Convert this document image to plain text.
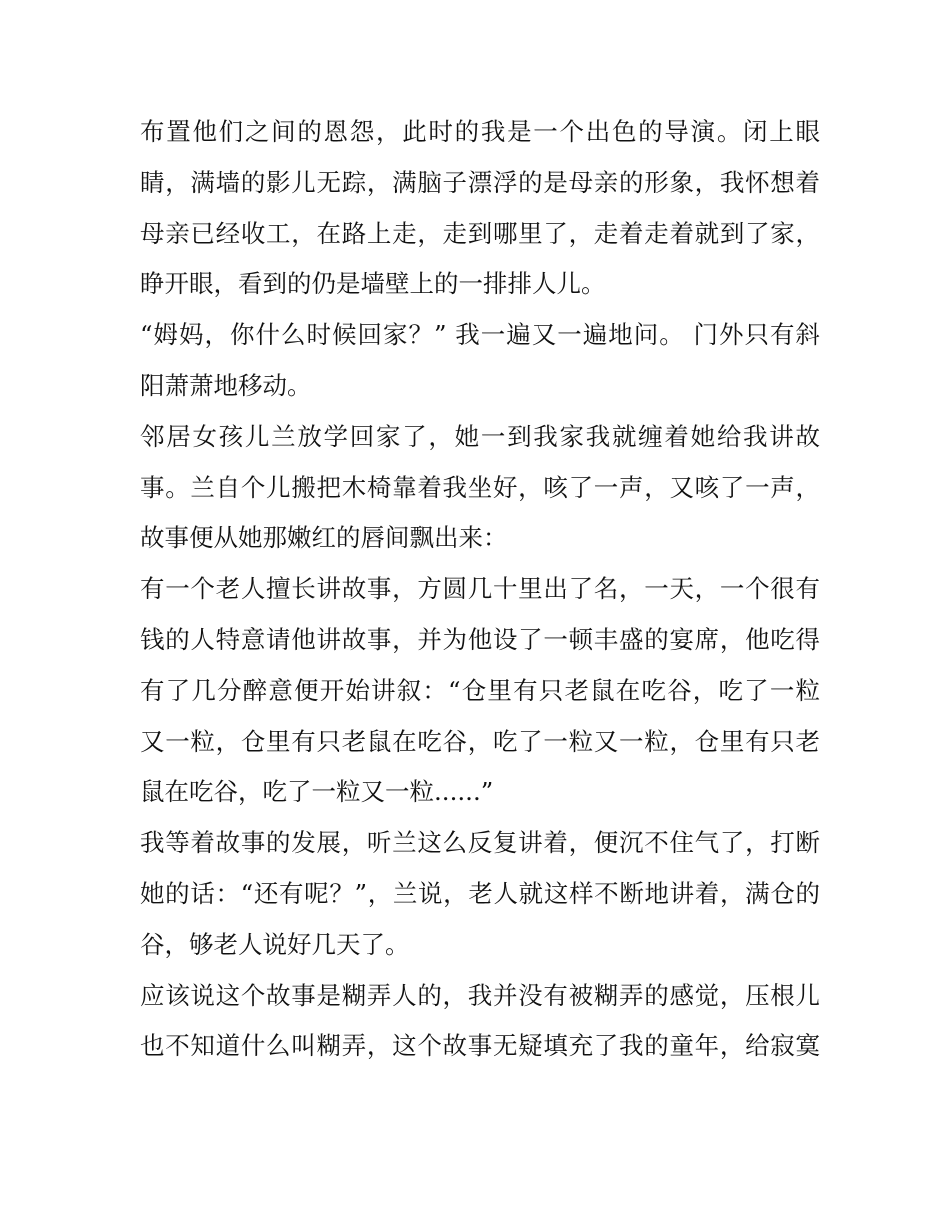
布置他们之间的恩怨，此时的我是一个出色的导演。闭上眼
睛，满墙的影儿无踪，满脑子漂浮的是母亲的形象，我怀想着
母亲已经收工，在路上走，走到哪里了，走着走着就到了家，
睁开眼，看到的仍是墙壁上的一排排人儿。
“姆妈，你什么时候回家？” 我一遍又一遍地问。 门外只有斜
阳萧萧地移动。
邻居女孩儿兰放学回家了，她一到我家我就缠着她给我讲故
事。兰自个儿搬把木椅靠着我坐好，咳了一声，又咳了一声，
故事便从她那嫩红的唇间飘出来：
有一个老人擅长讲故事，方圆几十里出了名，一天，一个很有
钱的人特意请他讲故事，并为他设了一顿丰盛的宴席，他吃得
有了几分醉意便开始讲叙：“仓里有只老鼠在吃谷，吃了一粒
又一粒，仓里有只老鼠在吃谷，吃了一粒又一粒，仓里有只老
鼠在吃谷，吃了一粒又一粒......”
我等着故事的发展，听兰这么反复讲着，便沉不住气了，打断
她的话：“还有呢？”，兰说，老人就这样不断地讲着，满仓的
谷，够老人说好几天了。
应该说这个故事是糊弄人的，我并没有被糊弄的感觉，压根儿
也不知道什么叫糊弄，这个故事无疑填充了我的童年，给寂寞
